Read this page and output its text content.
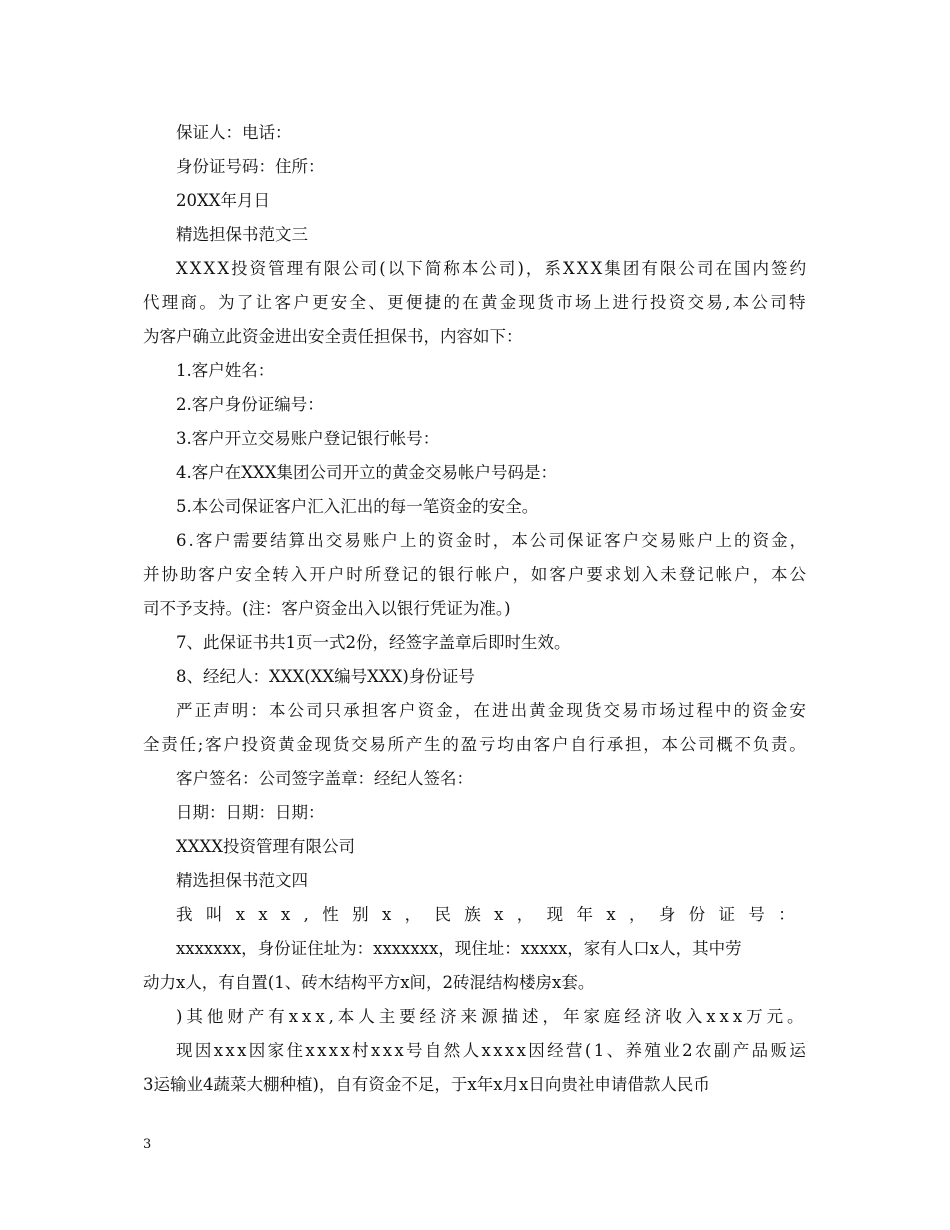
保证人：电话：
身份证号码：住所：
20XX年月日
精选担保书范文三
XXXX投资管理有限公司(以下简称本公司)，系XXX集团有限公司在国内签约
代理商。为了让客户更安全、更便捷的在黄金现货市场上进行投资交易,本公司特
为客户确立此资金进出安全责任担保书，内容如下：
1.客户姓名：
2.客户身份证编号：
3.客户开立交易账户登记银行帐号：
4.客户在XXX集团公司开立的黄金交易帐户号码是：
5.本公司保证客户汇入汇出的每一笔资金的安全。
6.客户需要结算出交易账户上的资金时，本公司保证客户交易账户上的资金，
并协助客户安全转入开户时所登记的银行帐户，如客户要求划入未登记帐户，本公
司不予支持。(注：客户资金出入以银行凭证为准。)
7、此保证书共1页一式2份，经签字盖章后即时生效。
8、经纪人：XXX(XX编号XXX)身份证号
严正声明：本公司只承担客户资金，在进出黄金现货交易市场过程中的资金安
全责任;客户投资黄金现货交易所产生的盈亏均由客户自行承担，本公司概不负责。
客户签名：公司签字盖章：经纪人签名：
日期：日期：日期：
XXXX投资管理有限公司
精选担保书范文四
我叫xxx,性别x，民族x，现年x，身份证号：
xxxxxxx，身份证住址为：xxxxxxx，现住址：xxxxx，家有人口x人，其中劳
动力x人，有自置(1、砖木结构平方x间，2砖混结构楼房x套。
)其他财产有xxx,本人主要经济来源描述，年家庭经济收入xxx万元。
现因xxx因家住xxxx村xxx号自然人xxxx因经营(1、养殖业2农副产品贩运
3运输业4蔬菜大棚种植)，自有资金不足，于x年x月x日向贵社申请借款人民币
3
